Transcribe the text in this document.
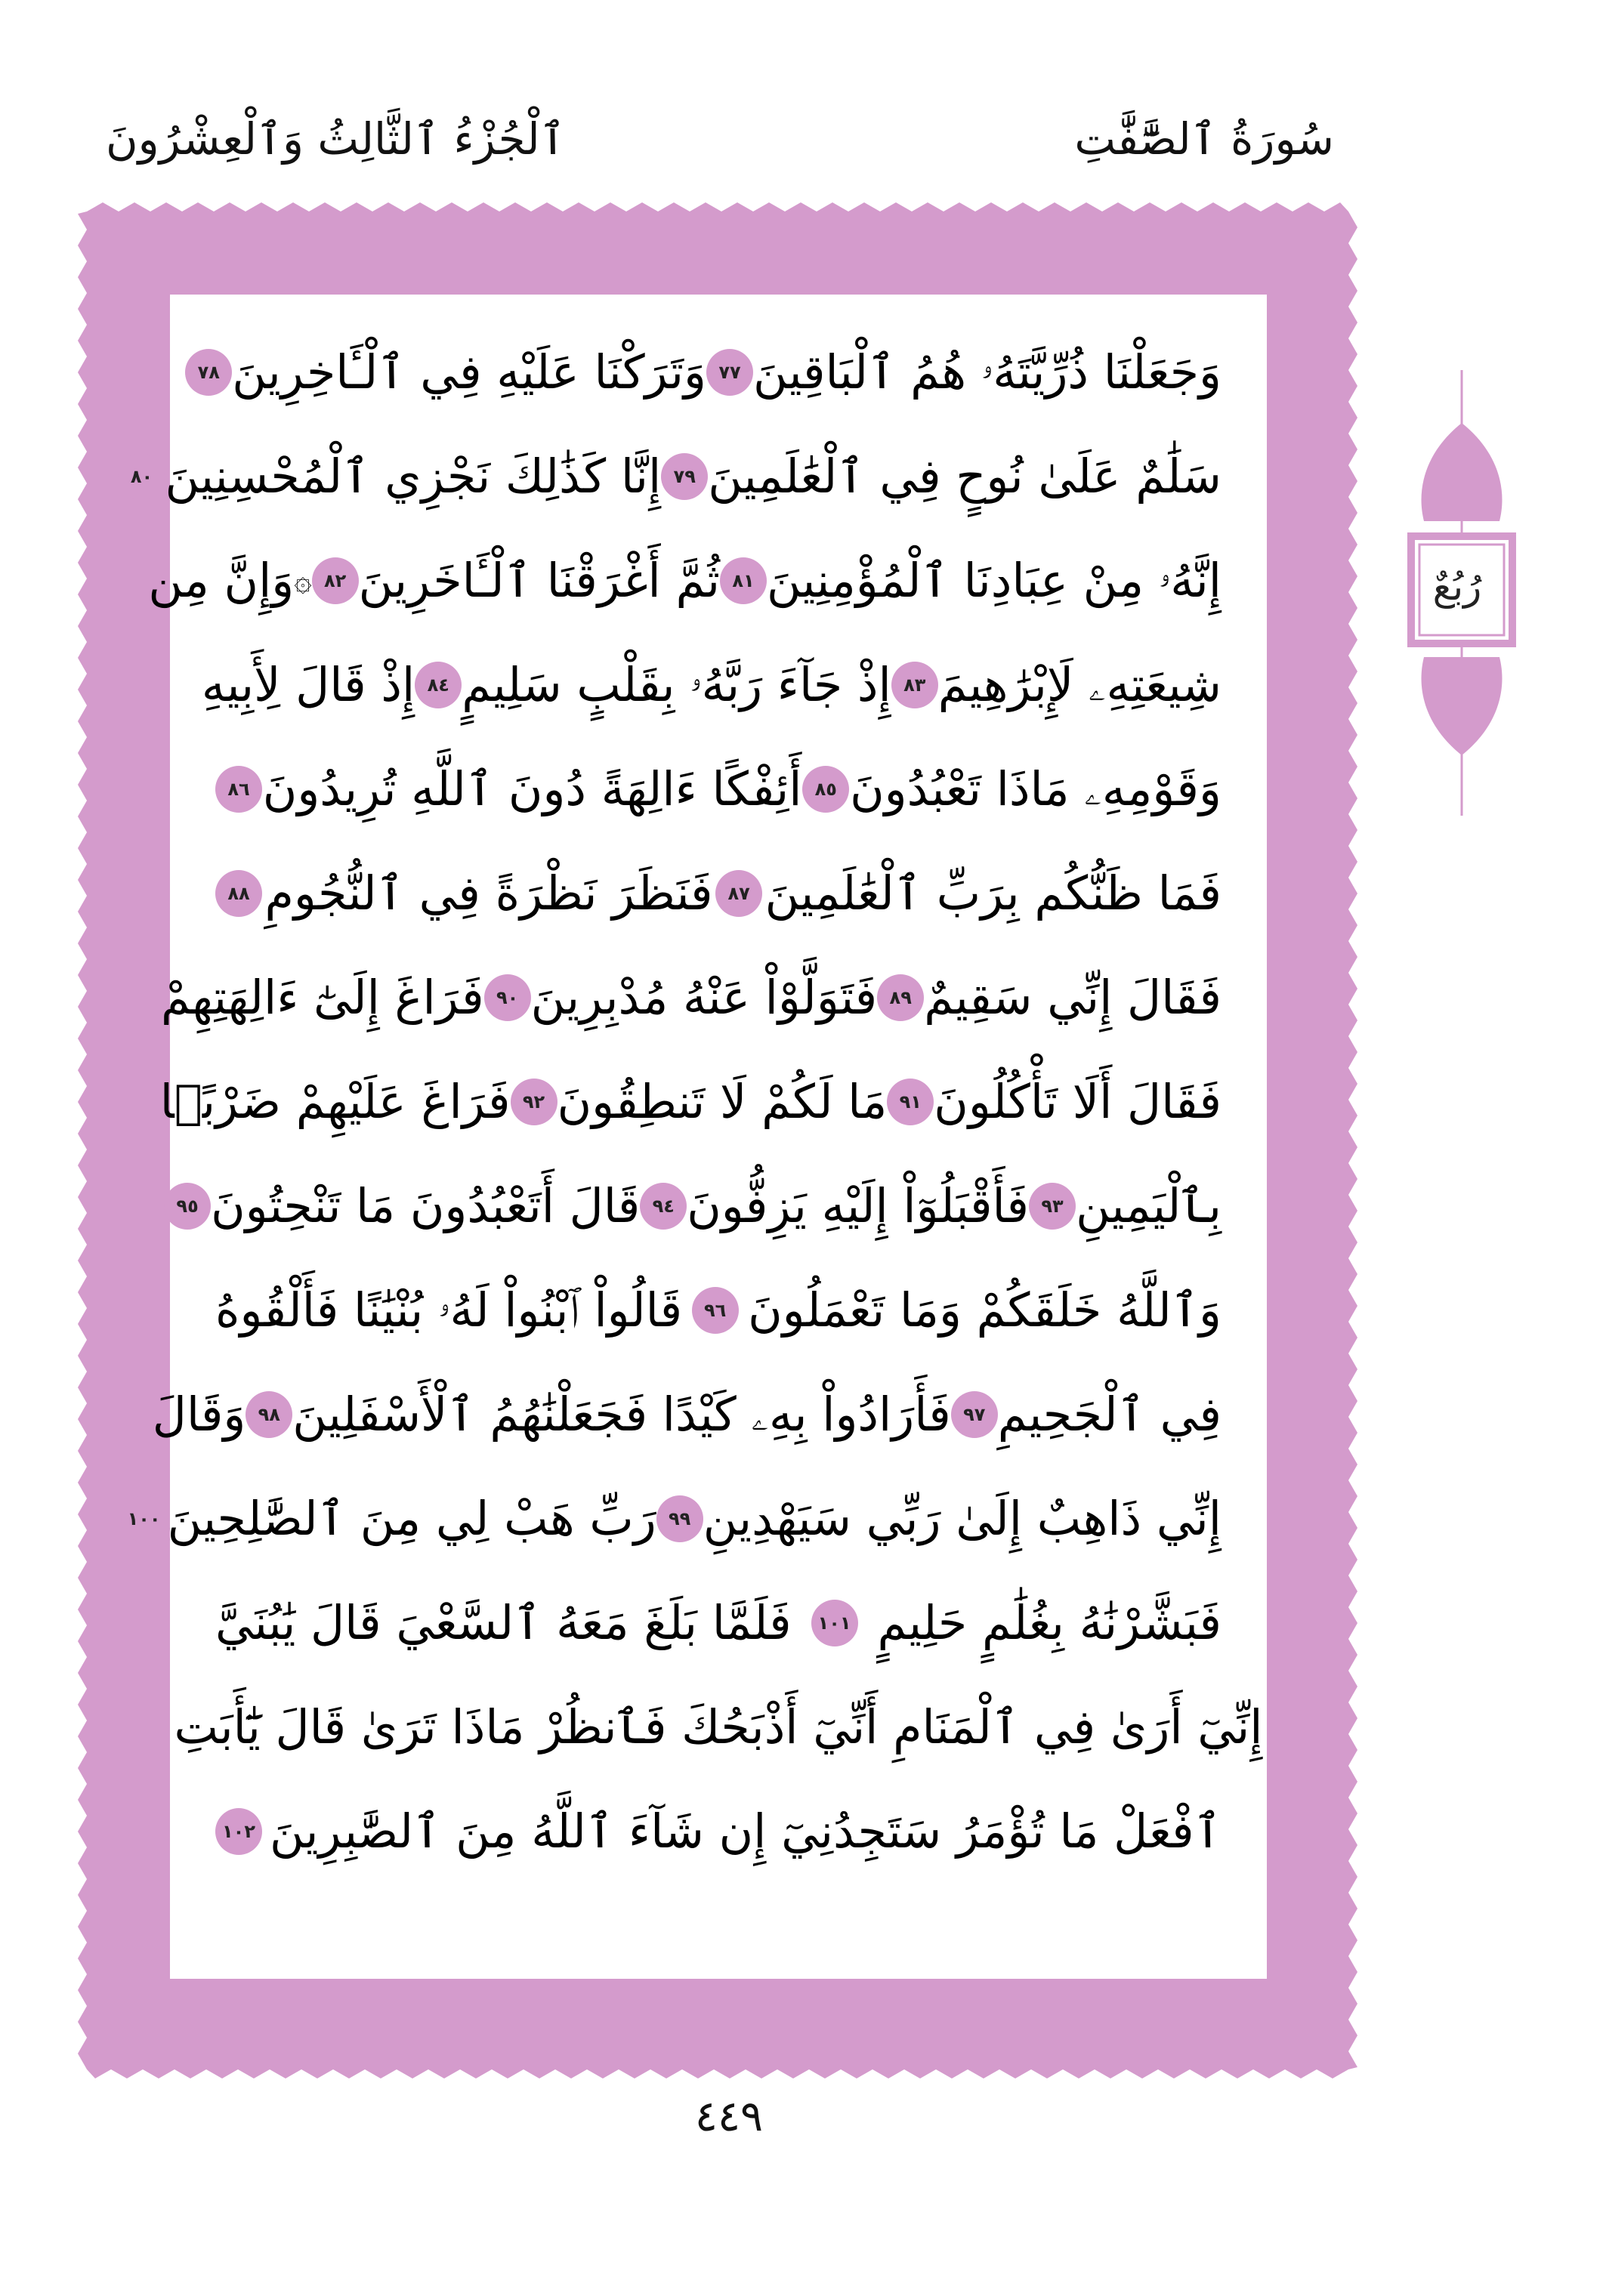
ٱلْجُزْءُ ٱلثَّالِثُ وَٱلْعِشْرُونَ	سُورَةُ ٱلصَّٰٓفَّٰتِ
وَجَعَلْنَا ذُرِّيَّتَهُۥ هُمُ ٱلْبَاقِينَ
٧٧
وَتَرَكْنَا عَلَيْهِ فِي ٱلْـَٔاخِرِينَ
٧٨
سَلَٰمٌ عَلَىٰ نُوحٍ فِي ٱلْعَٰلَمِينَ
٧٩
إِنَّا كَذَٰلِكَ نَجْزِي ٱلْمُحْسِنِينَ
٨٠
إِنَّهُۥ مِنْ عِبَادِنَا ٱلْمُؤْمِنِينَ
٨١
ثُمَّ أَغْرَقْنَا ٱلْـَٔاخَرِينَ
٨٢
۞
وَإِنَّ مِن
شِيعَتِهِۦ لَإِبْرَٰهِيمَ
٨٣
إِذْ جَآءَ رَبَّهُۥ بِقَلْبٍ سَلِيمٍ
٨٤
إِذْ قَالَ لِأَبِيهِ
وَقَوْمِهِۦ مَاذَا تَعْبُدُونَ
٨٥
أَئِفْكًا ءَالِهَةً دُونَ ٱللَّهِ تُرِيدُونَ
٨٦
فَمَا ظَنُّكُم بِرَبِّ ٱلْعَٰلَمِينَ
٨٧
فَنَظَرَ نَظْرَةً فِي ٱلنُّجُومِ
٨٨
فَقَالَ إِنِّي سَقِيمٌ
٨٩
فَتَوَلَّوْاْ عَنْهُ مُدْبِرِينَ
٩٠
فَرَاغَ إِلَىٰٓ ءَالِهَتِهِمْ
فَقَالَ أَلَا تَأْكُلُونَ
٩١
مَا لَكُمْ لَا تَنطِقُونَ
٩٢
فَرَاغَ عَلَيْهِمْ ضَرْبًۢا
بِٱلْيَمِينِ
٩٣
فَأَقْبَلُوٓاْ إِلَيْهِ يَزِفُّونَ
٩٤
قَالَ أَتَعْبُدُونَ مَا تَنْحِتُونَ
٩٥
وَٱللَّهُ خَلَقَكُمْ وَمَا تَعْمَلُونَ
٩٦
قَالُواْ ٱبْنُواْ لَهُۥ بُنْيَٰنًا فَأَلْقُوهُ
فِي ٱلْجَحِيمِ
٩٧
فَأَرَادُواْ بِهِۦ كَيْدًا فَجَعَلْنَٰهُمُ ٱلْأَسْفَلِينَ
٩٨
وَقَالَ
إِنِّي ذَاهِبٌ إِلَىٰ رَبِّي سَيَهْدِينِ
٩٩
رَبِّ هَبْ لِي مِنَ ٱلصَّٰلِحِينَ
١٠٠
فَبَشَّرْنَٰهُ بِغُلَٰمٍ حَلِيمٍ
١٠١
فَلَمَّا بَلَغَ مَعَهُ ٱلسَّعْيَ قَالَ يَٰبُنَيَّ
إِنِّيٓ أَرَىٰ فِي ٱلْمَنَامِ أَنِّيٓ أَذْبَحُكَ فَٱنظُرْ مَاذَا تَرَىٰ قَالَ يَٰٓأَبَتِ
ٱفْعَلْ مَا تُؤْمَرُ سَتَجِدُنِيٓ إِن شَآءَ ٱللَّهُ مِنَ ٱلصَّٰبِرِينَ
١٠٢
رُبُعٌ
٤٤٩
